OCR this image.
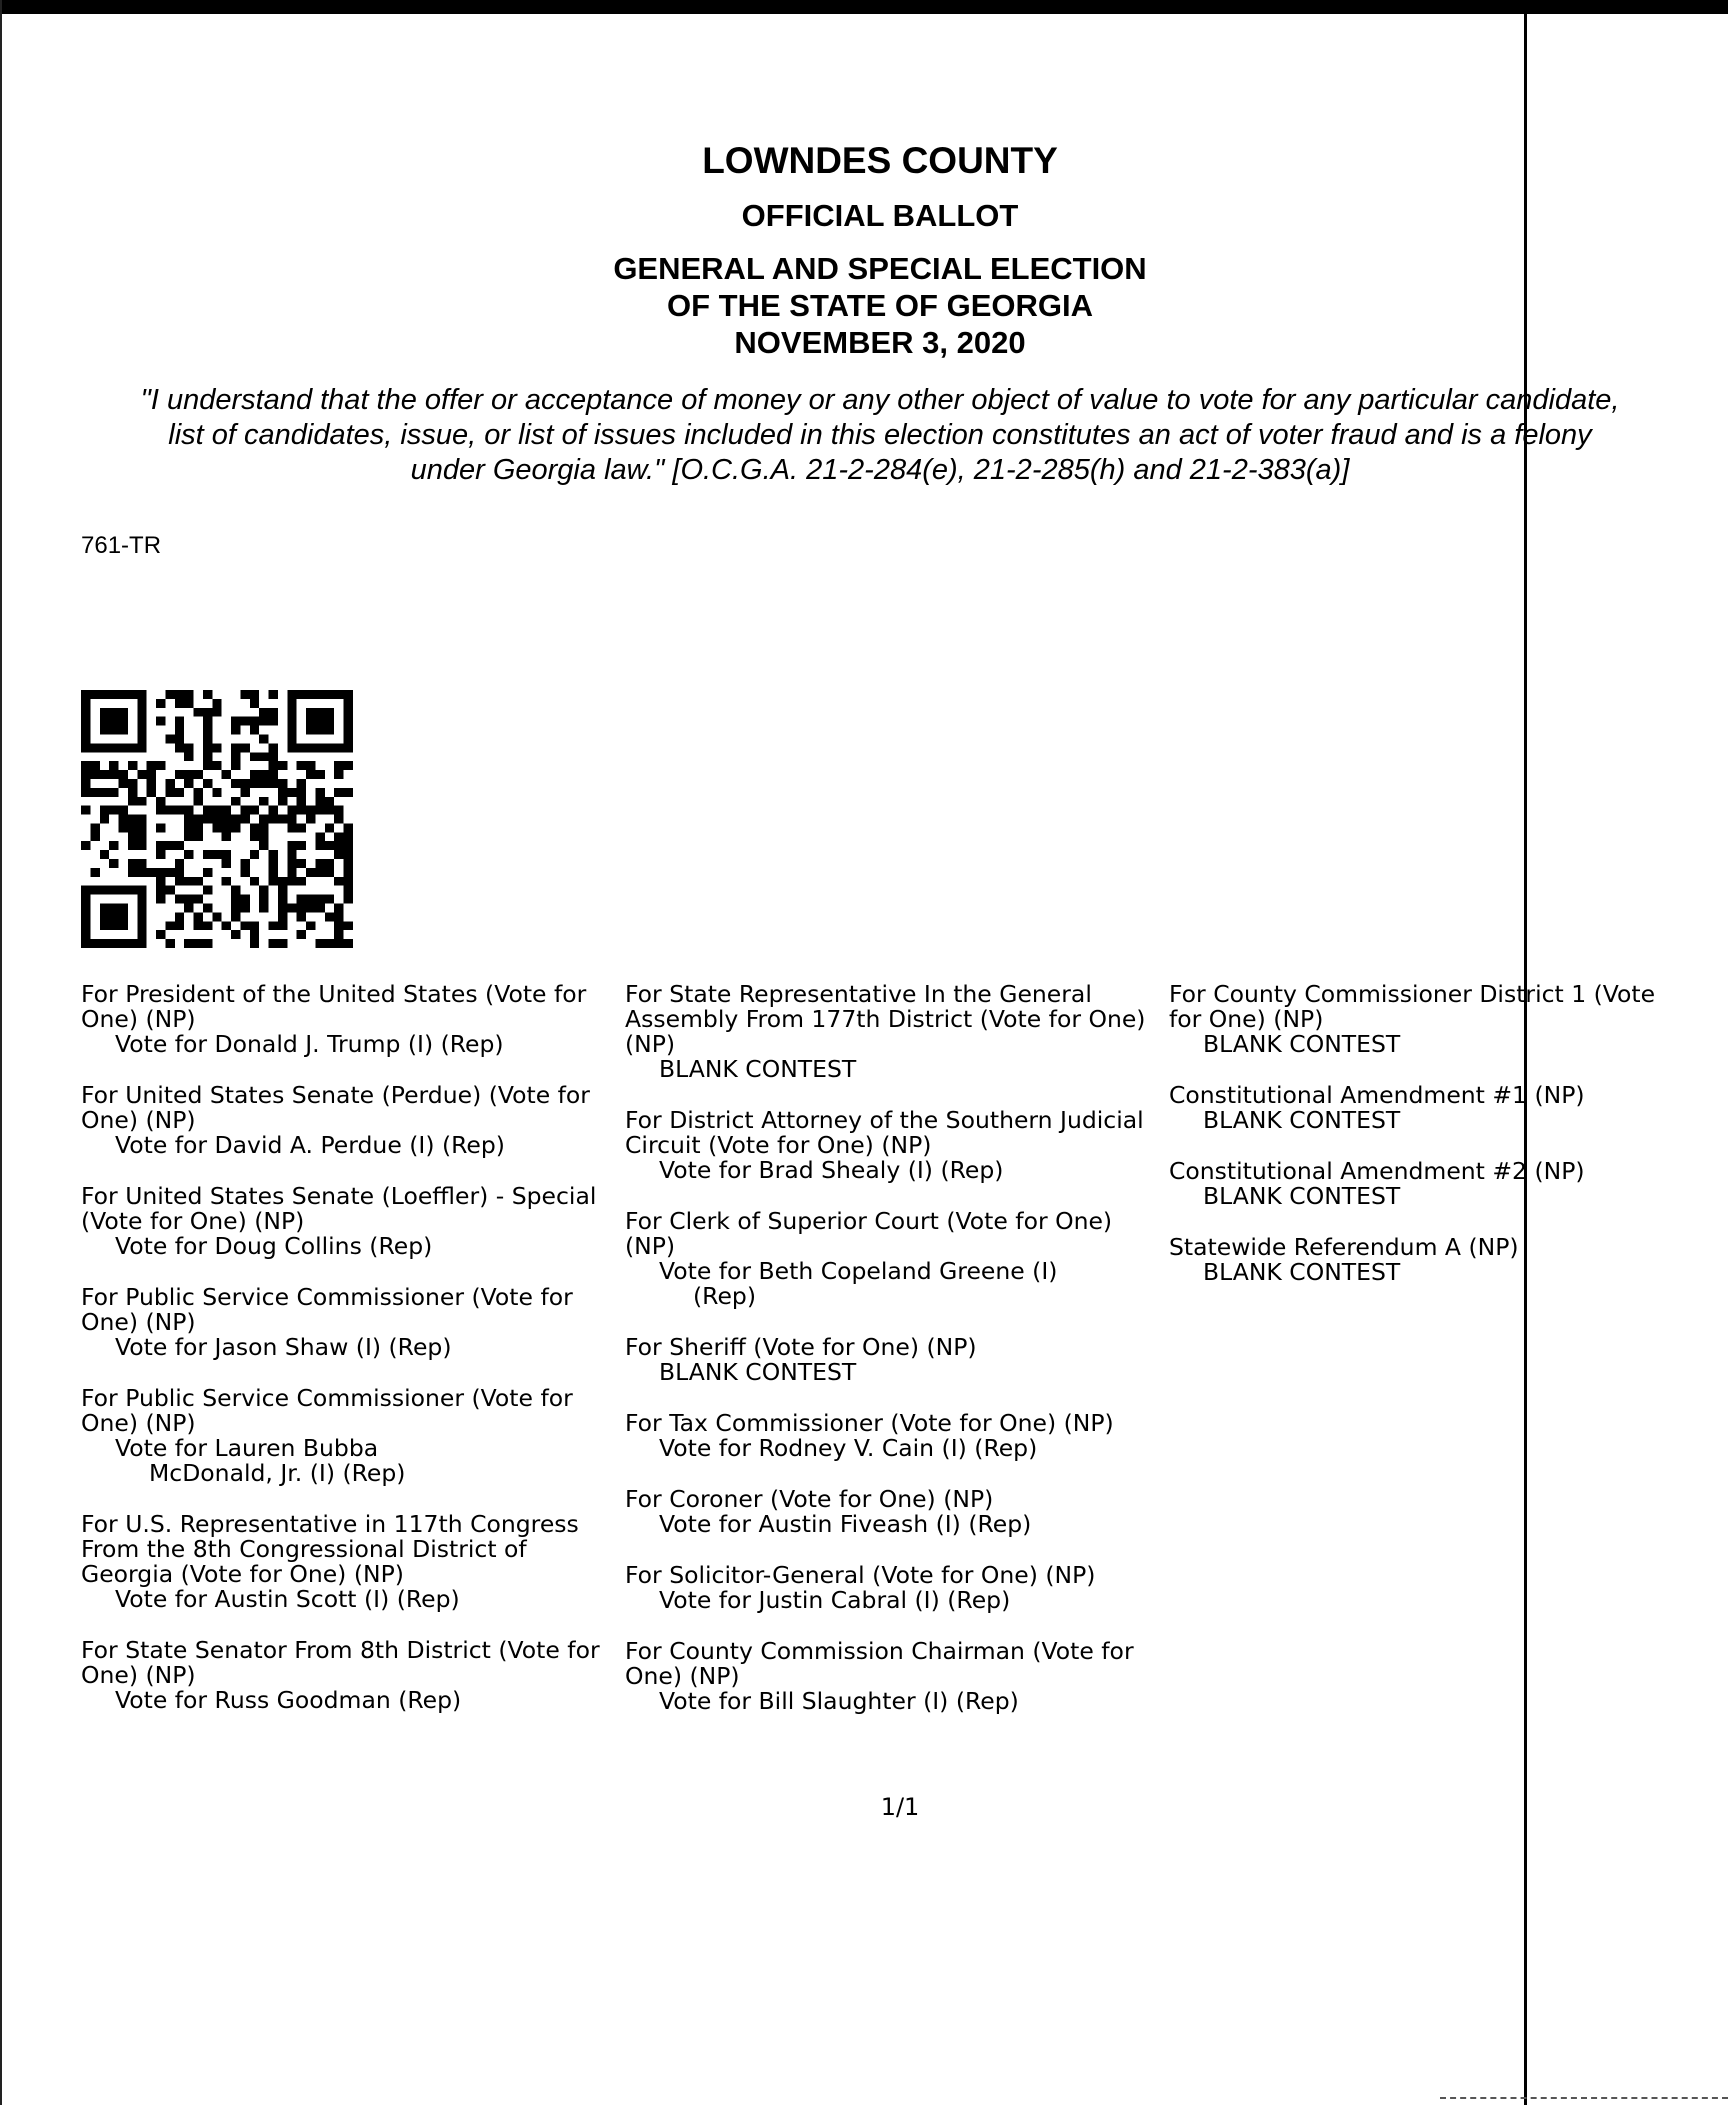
LOWNDES COUNTY
OFFICIAL BALLOT
GENERAL AND SPECIAL ELECTION
OF THE STATE OF GEORGIA
NOVEMBER 3, 2020
"I understand that the offer or acceptance of money or any other object of value to vote for any particular candidate,
list of candidates, issue, or list of issues included in this election constitutes an act of voter fraud and is a felony
under Georgia law." [O.C.G.A. 21-2-284(e), 21-2-285(h) and 21-2-383(a)]
761-TR
For President of the United States (Vote for One) (NP)
Vote for Donald J. Trump (I) (Rep)
For United States Senate (Perdue) (Vote for One) (NP)
Vote for David A. Perdue (I) (Rep)
For United States Senate (Loeffler) - Special (Vote for One) (NP)
Vote for Doug Collins (Rep)
For Public Service Commissioner (Vote for One) (NP)
Vote for Jason Shaw (I) (Rep)
For Public Service Commissioner (Vote for One) (NP)
Vote for Lauren Bubba
McDonald, Jr. (I) (Rep)
For U.S. Representative in 117th Congress From the 8th Congressional District of Georgia (Vote for One) (NP)
Vote for Austin Scott (I) (Rep)
For State Senator From 8th District (Vote for One) (NP)
Vote for Russ Goodman (Rep)
For State Representative In the General Assembly From 177th District (Vote for One) (NP)
BLANK CONTEST
For District Attorney of the Southern Judicial Circuit (Vote for One) (NP)
Vote for Brad Shealy (I) (Rep)
For Clerk of Superior Court (Vote for One) (NP)
Vote for Beth Copeland Greene (I)
(Rep)
For Sheriff (Vote for One) (NP)
BLANK CONTEST
For Tax Commissioner (Vote for One) (NP)
Vote for Rodney V. Cain (I) (Rep)
For Coroner (Vote for One) (NP)
Vote for Austin Fiveash (I) (Rep)
For Solicitor-General (Vote for One) (NP)
Vote for Justin Cabral (I) (Rep)
For County Commission Chairman (Vote for One) (NP)
Vote for Bill Slaughter (I) (Rep)
For County Commissioner District 1 (Vote for One) (NP)
BLANK CONTEST
Constitutional Amendment #1 (NP)
BLANK CONTEST
Constitutional Amendment #2 (NP)
BLANK CONTEST
Statewide Referendum A (NP)
BLANK CONTEST
1/1
